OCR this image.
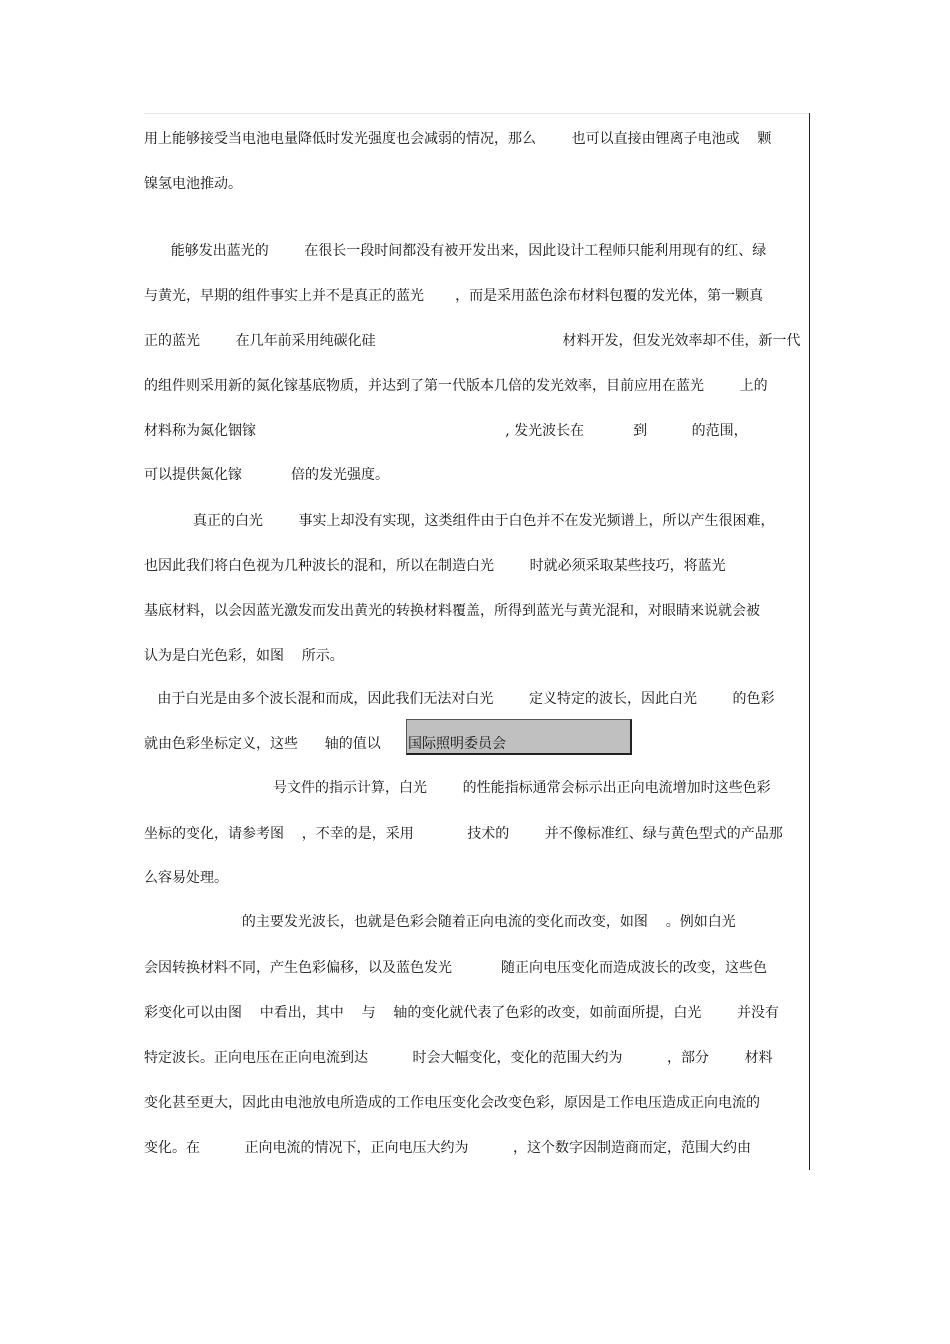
用上能够接受当电池电量降低时发光强度也会减弱的情况，那么        也可以直接由锂离子电池或    颗

镍氢电池推动。

能够发出蓝光的        在很长一段时间都没有被开发出来，因此设计工程师只能利用现有的红、绿

与黄光，早期的组件事实上并不是真正的蓝光       ，而是采用蓝色涂布材料包覆的发光体，第一颗真

正的蓝光        在几年前采用纯碳化硅                                          材料开发，但发光效率却不佳，新一代

的组件则采用新的氮化镓基底物质，并达到了第一代版本几倍的发光效率，目前应用在蓝光        上的

材料称为氮化铟镓                                                        , 发光波长在           到          的范围，

可以提供氮化镓           倍的发光强度。

真正的白光        事实上却没有实现，这类组件由于白色并不在发光频谱上，所以产生很困难，

也因此我们将白色视为几种波长的混和，所以在制造白光        时就必须采取某些技巧，将蓝光

基底材料，以会因蓝光激发而发出黄光的转换材料覆盖，所得到蓝光与黄光混和，对眼睛来说就会被

认为是白光色彩，如图    所示。

由于白光是由多个波长混和而成，因此我们无法对白光        定义特定的波长，因此白光        的色彩

就由色彩坐标定义，这些      轴的值以

号文件的指示计算，白光        的性能指标通常会标示出正向电流增加时这些色彩

坐标的变化，请参考图    ，不幸的是，采用            技术的        并不像标准红、绿与黄色型式的产品那

么容易处理。

的主要发光波长，也就是色彩会随着正向电流的变化而改变，如图    。例如白光

会因转换材料不同，产生色彩偏移，以及蓝色发光           随正向电压变化而造成波长的改变，这些色

彩变化可以由图    中看出，其中    与    轴的变化就代表了色彩的改变，如前面所提，白光        并没有

特定波长。正向电压在正向电流到达          时会大幅变化，变化的范围大约为          ，部分        材料

变化甚至更大，因此由电池放电所造成的工作电压变化会改变色彩，原因是工作电压造成正向电流的

变化。在          正向电流的情况下，正向电压大约为          ，这个数字因制造商而定，范围大约由

国际照明委员会
